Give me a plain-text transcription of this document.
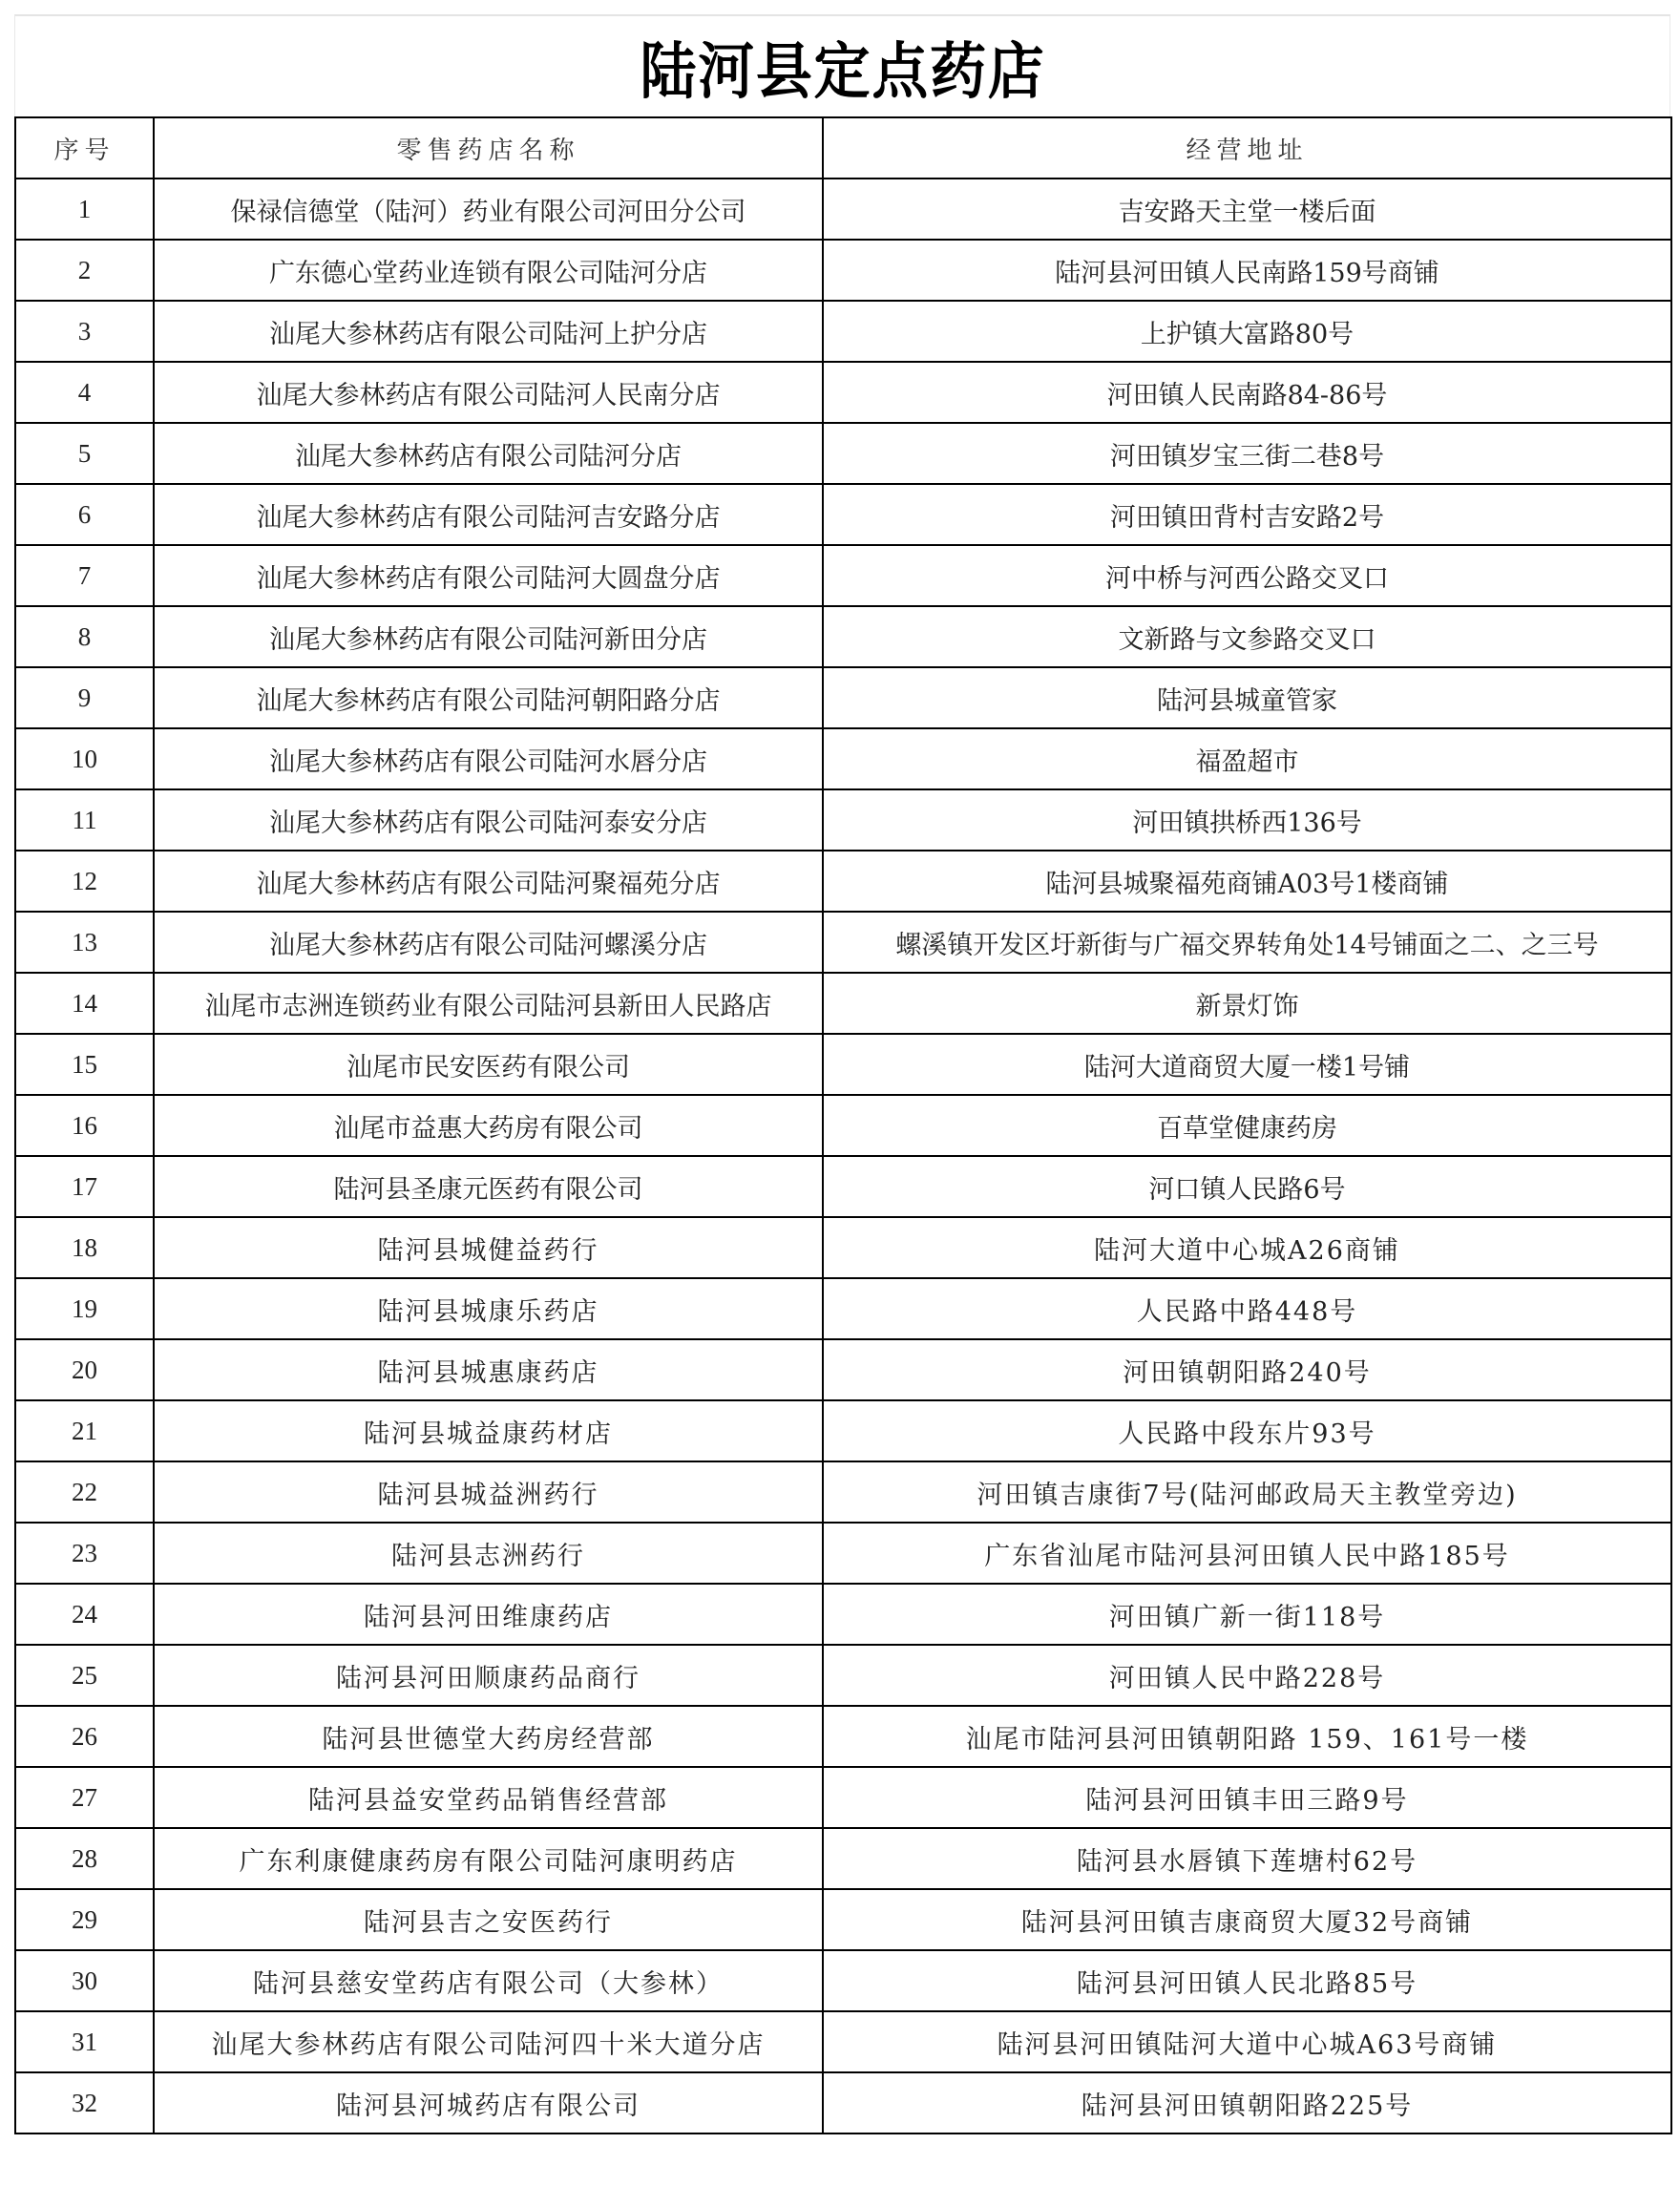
陆河县定点药店
序号	零售药店名称	经营地址
1	保禄信德堂（陆河）药业有限公司河田分公司	吉安路天主堂一楼后面
2	广东德心堂药业连锁有限公司陆河分店	陆河县河田镇人民南路159号商铺
3	汕尾大参林药店有限公司陆河上护分店	上护镇大富路80号
4	汕尾大参林药店有限公司陆河人民南分店	河田镇人民南路84-86号
5	汕尾大参林药店有限公司陆河分店	河田镇岁宝三街二巷8号
6	汕尾大参林药店有限公司陆河吉安路分店	河田镇田背村吉安路2号
7	汕尾大参林药店有限公司陆河大圆盘分店	河中桥与河西公路交叉口
8	汕尾大参林药店有限公司陆河新田分店	文新路与文参路交叉口
9	汕尾大参林药店有限公司陆河朝阳路分店	陆河县城童管家
10	汕尾大参林药店有限公司陆河水唇分店	福盈超市
11	汕尾大参林药店有限公司陆河泰安分店	河田镇拱桥西136号
12	汕尾大参林药店有限公司陆河聚福苑分店	陆河县城聚福苑商铺A03号1楼商铺
13	汕尾大参林药店有限公司陆河螺溪分店	螺溪镇开发区圩新街与广福交界转角处14号铺面之二、之三号
14	汕尾市志洲连锁药业有限公司陆河县新田人民路店	新景灯饰
15	汕尾市民安医药有限公司	陆河大道商贸大厦一楼1号铺
16	汕尾市益惠大药房有限公司	百草堂健康药房
17	陆河县圣康元医药有限公司	河口镇人民路6号
18	陆河县城健益药行	陆河大道中心城A26商铺
19	陆河县城康乐药店	人民路中路448号
20	陆河县城惠康药店	河田镇朝阳路240号
21	陆河县城益康药材店	人民路中段东片93号
22	陆河县城益洲药行	河田镇吉康街7号(陆河邮政局天主教堂旁边)
23	陆河县志洲药行	广东省汕尾市陆河县河田镇人民中路185号
24	陆河县河田维康药店	河田镇广新一街118号
25	陆河县河田顺康药品商行	河田镇人民中路228号
26	陆河县世德堂大药房经营部	汕尾市陆河县河田镇朝阳路 159、161号一楼
27	陆河县益安堂药品销售经营部	陆河县河田镇丰田三路9号
28	广东利康健康药房有限公司陆河康明药店	陆河县水唇镇下莲塘村62号
29	陆河县吉之安医药行	陆河县河田镇吉康商贸大厦32号商铺
30	陆河县慈安堂药店有限公司（大参林）	陆河县河田镇人民北路85号
31	汕尾大参林药店有限公司陆河四十米大道分店	陆河县河田镇陆河大道中心城A63号商铺
32	陆河县河城药店有限公司	陆河县河田镇朝阳路225号
